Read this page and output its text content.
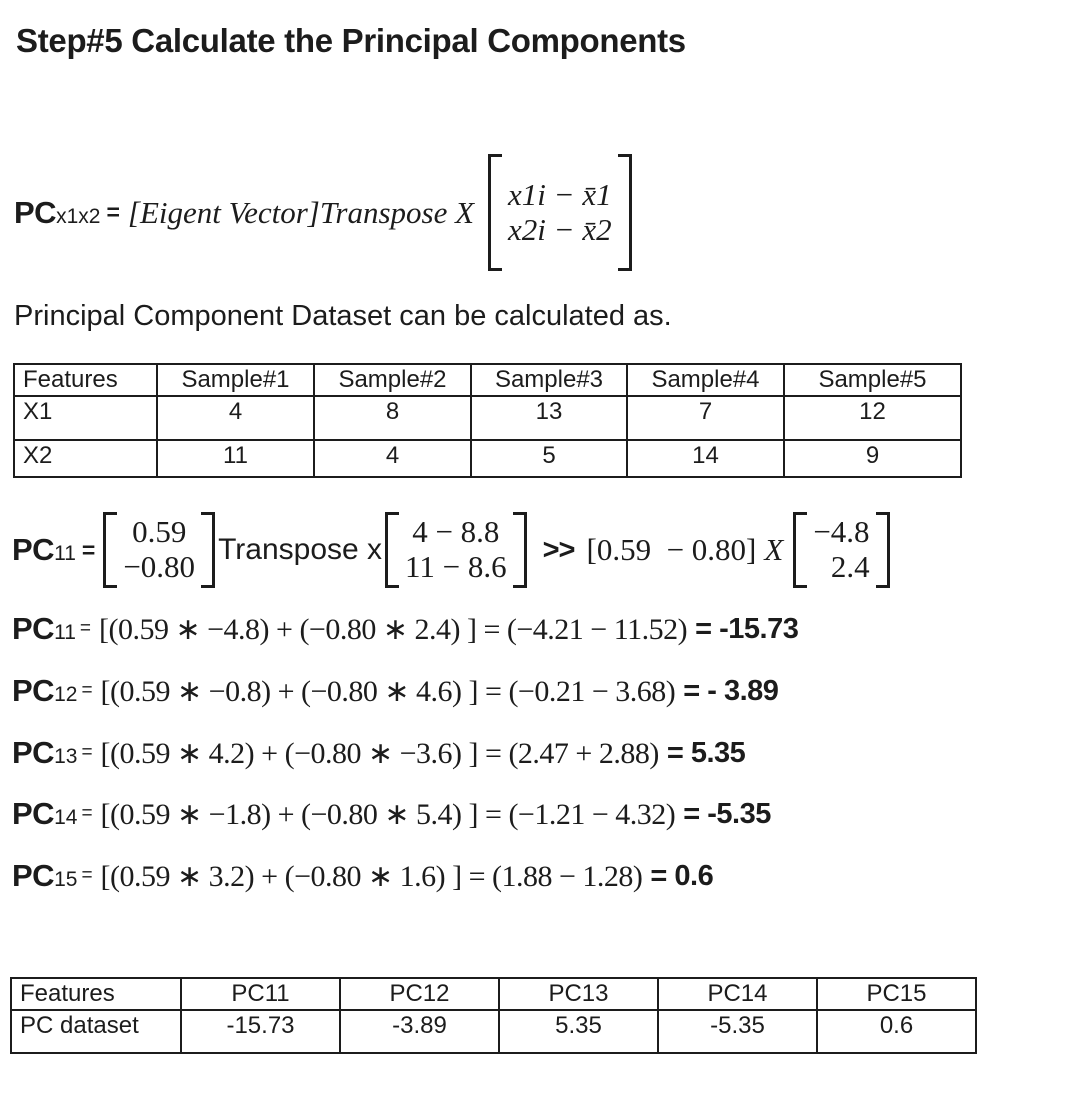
Step#5 Calculate the Principal Components
PCx1x2 = [Eigent Vector]Transpose X
x1i − x̄1
x2i − x̄2

Principal Component Dataset can be calculated as.

Features	Sample#1	Sample#2	Sample#3	Sample#4	Sample#5
X1	4	8	13	7	12
X2	11	4	5	14	9
PC11 =
0.59
−0.80 Transpose x
4 − 8.8
11 − 8.6 >> [0.59  − 0.80] X
−4.8
2.4
PC11 = [(0.59 ∗ −4.8) + (−0.80 ∗ 2.4) ] = (−4.21 − 11.52) = -15.73
PC12 = [(0.59 ∗ −0.8) + (−0.80 ∗ 4.6) ] = (−0.21 − 3.68) = - 3.89
PC13 = [(0.59 ∗ 4.2) + (−0.80 ∗ −3.6) ] = (2.47 + 2.88) = 5.35
PC14 = [(0.59 ∗ −1.8) + (−0.80 ∗ 5.4) ] = (−1.21 − 4.32) = -5.35
PC15 = [(0.59 ∗ 3.2) + (−0.80 ∗ 1.6) ] = (1.88 − 1.28) = 0.6
Features	PC11	PC12	PC13	PC14	PC15
PC dataset	-15.73	-3.89	5.35	-5.35	0.6
